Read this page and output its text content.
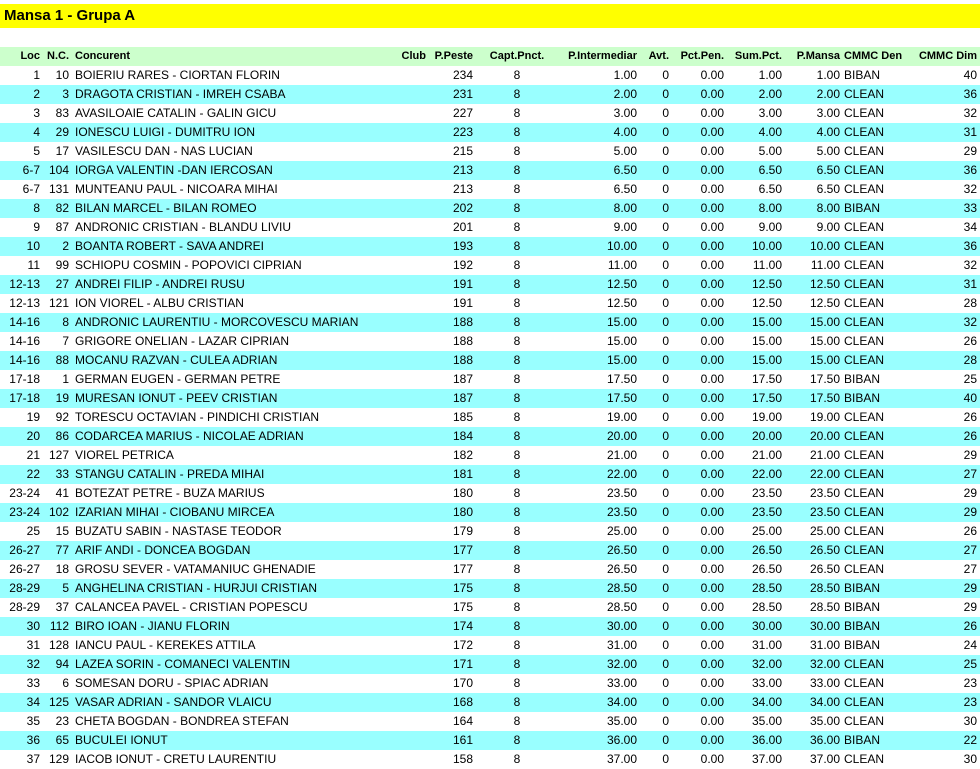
Mansa 1 - Grupa A
Loc	N.C.	Concurent	Club	P.Peste	Capt.Pnct.	P.Intermediar	Avt.	Pct.Pen.	Sum.Pct.	P.Mansa	CMMC Den	CMMC Dim
1	10	BOIERIU RARES - CIORTAN FLORIN		234	8	1.00	0	0.00	1.00	1.00	BIBAN	40
2	3	DRAGOTA CRISTIAN - IMREH CSABA		231	8	2.00	0	0.00	2.00	2.00	CLEAN	36
3	83	AVASILOAIE CATALIN - GALIN GICU		227	8	3.00	0	0.00	3.00	3.00	CLEAN	32
4	29	IONESCU LUIGI - DUMITRU ION		223	8	4.00	0	0.00	4.00	4.00	CLEAN	31
5	17	VASILESCU DAN - NAS LUCIAN		215	8	5.00	0	0.00	5.00	5.00	CLEAN	29
6-7	104	IORGA VALENTIN -DAN IERCOSAN		213	8	6.50	0	0.00	6.50	6.50	CLEAN	36
6-7	131	MUNTEANU PAUL - NICOARA MIHAI		213	8	6.50	0	0.00	6.50	6.50	CLEAN	32
8	82	BILAN MARCEL - BILAN ROMEO		202	8	8.00	0	0.00	8.00	8.00	BIBAN	33
9	87	ANDRONIC CRISTIAN - BLANDU LIVIU		201	8	9.00	0	0.00	9.00	9.00	CLEAN	34
10	2	BOANTA ROBERT - SAVA ANDREI		193	8	10.00	0	0.00	10.00	10.00	CLEAN	36
11	99	SCHIOPU COSMIN - POPOVICI CIPRIAN		192	8	11.00	0	0.00	11.00	11.00	CLEAN	32
12-13	27	ANDREI FILIP - ANDREI RUSU		191	8	12.50	0	0.00	12.50	12.50	CLEAN	31
12-13	121	ION VIOREL - ALBU CRISTIAN		191	8	12.50	0	0.00	12.50	12.50	CLEAN	28
14-16	8	ANDRONIC LAURENTIU - MORCOVESCU MARIAN		188	8	15.00	0	0.00	15.00	15.00	CLEAN	32
14-16	7	GRIGORE ONELIAN - LAZAR CIPRIAN		188	8	15.00	0	0.00	15.00	15.00	CLEAN	26
14-16	88	MOCANU RAZVAN - CULEA ADRIAN		188	8	15.00	0	0.00	15.00	15.00	CLEAN	28
17-18	1	GERMAN EUGEN - GERMAN PETRE		187	8	17.50	0	0.00	17.50	17.50	BIBAN	25
17-18	19	MURESAN IONUT - PEEV CRISTIAN		187	8	17.50	0	0.00	17.50	17.50	BIBAN	40
19	92	TORESCU OCTAVIAN - PINDICHI CRISTIAN		185	8	19.00	0	0.00	19.00	19.00	CLEAN	26
20	86	CODARCEA MARIUS - NICOLAE ADRIAN		184	8	20.00	0	0.00	20.00	20.00	CLEAN	26
21	127	VIOREL PETRICA		182	8	21.00	0	0.00	21.00	21.00	CLEAN	29
22	33	STANGU CATALIN - PREDA MIHAI		181	8	22.00	0	0.00	22.00	22.00	CLEAN	27
23-24	41	BOTEZAT PETRE - BUZA MARIUS		180	8	23.50	0	0.00	23.50	23.50	CLEAN	29
23-24	102	IZARIAN MIHAI - CIOBANU MIRCEA		180	8	23.50	0	0.00	23.50	23.50	CLEAN	29
25	15	BUZATU SABIN - NASTASE TEODOR		179	8	25.00	0	0.00	25.00	25.00	CLEAN	26
26-27	77	ARIF ANDI - DONCEA BOGDAN		177	8	26.50	0	0.00	26.50	26.50	CLEAN	27
26-27	18	GROSU SEVER - VATAMANIUC GHENADIE		177	8	26.50	0	0.00	26.50	26.50	CLEAN	27
28-29	5	ANGHELINA CRISTIAN - HURJUI CRISTIAN		175	8	28.50	0	0.00	28.50	28.50	BIBAN	29
28-29	37	CALANCEA PAVEL - CRISTIAN POPESCU		175	8	28.50	0	0.00	28.50	28.50	BIBAN	29
30	112	BIRO IOAN - JIANU FLORIN		174	8	30.00	0	0.00	30.00	30.00	BIBAN	26
31	128	IANCU PAUL - KEREKES ATTILA		172	8	31.00	0	0.00	31.00	31.00	BIBAN	24
32	94	LAZEA SORIN - COMANECI VALENTIN		171	8	32.00	0	0.00	32.00	32.00	CLEAN	25
33	6	SOMESAN DORU - SPIAC ADRIAN		170	8	33.00	0	0.00	33.00	33.00	CLEAN	23
34	125	VASAR ADRIAN - SANDOR VLAICU		168	8	34.00	0	0.00	34.00	34.00	CLEAN	23
35	23	CHETA BOGDAN - BONDREA STEFAN		164	8	35.00	0	0.00	35.00	35.00	CLEAN	30
36	65	BUCULEI IONUT		161	8	36.00	0	0.00	36.00	36.00	BIBAN	22
37	129	IACOB IONUT - CRETU LAURENTIU		158	8	37.00	0	0.00	37.00	37.00	CLEAN	30
